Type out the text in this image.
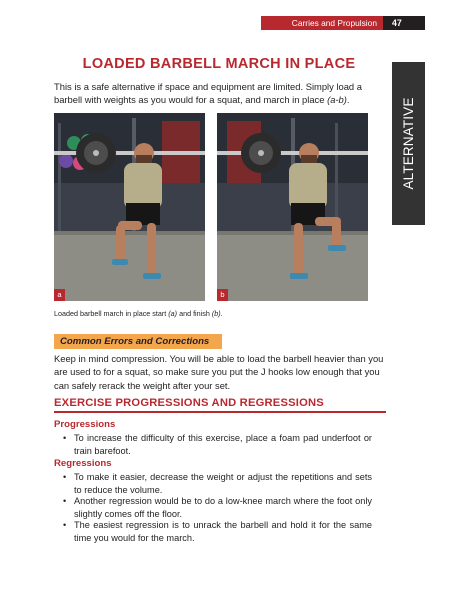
Carries and Propulsion Movements
47
ALTERNATIVE EXERCISE
LOADED BARBELL MARCH IN PLACE
This is a safe alternative if space and equipment are limited. Simply load a barbell with weights as you would for a squat, and march in place (a-b).
a	b
Loaded barbell march in place start (a) and finish (b).
Common Errors and Corrections
Keep in mind compression. You will be able to load the barbell heavier than you are used to for a squat, so make sure you put the J hooks low enough that you can safely rerack the weight after your set.
EXERCISE PROGRESSIONS AND REGRESSIONS
Progressions
• To increase the difficulty of this exercise, place a foam pad underfoot or train barefoot.
Regressions
• To make it easier, decrease the weight or adjust the repetitions and sets to reduce the volume.
• Another regression would be to do a low-knee march where the foot only slightly comes off the floor.
• The easiest regression is to unrack the barbell and hold it for the same time you would for the march.
